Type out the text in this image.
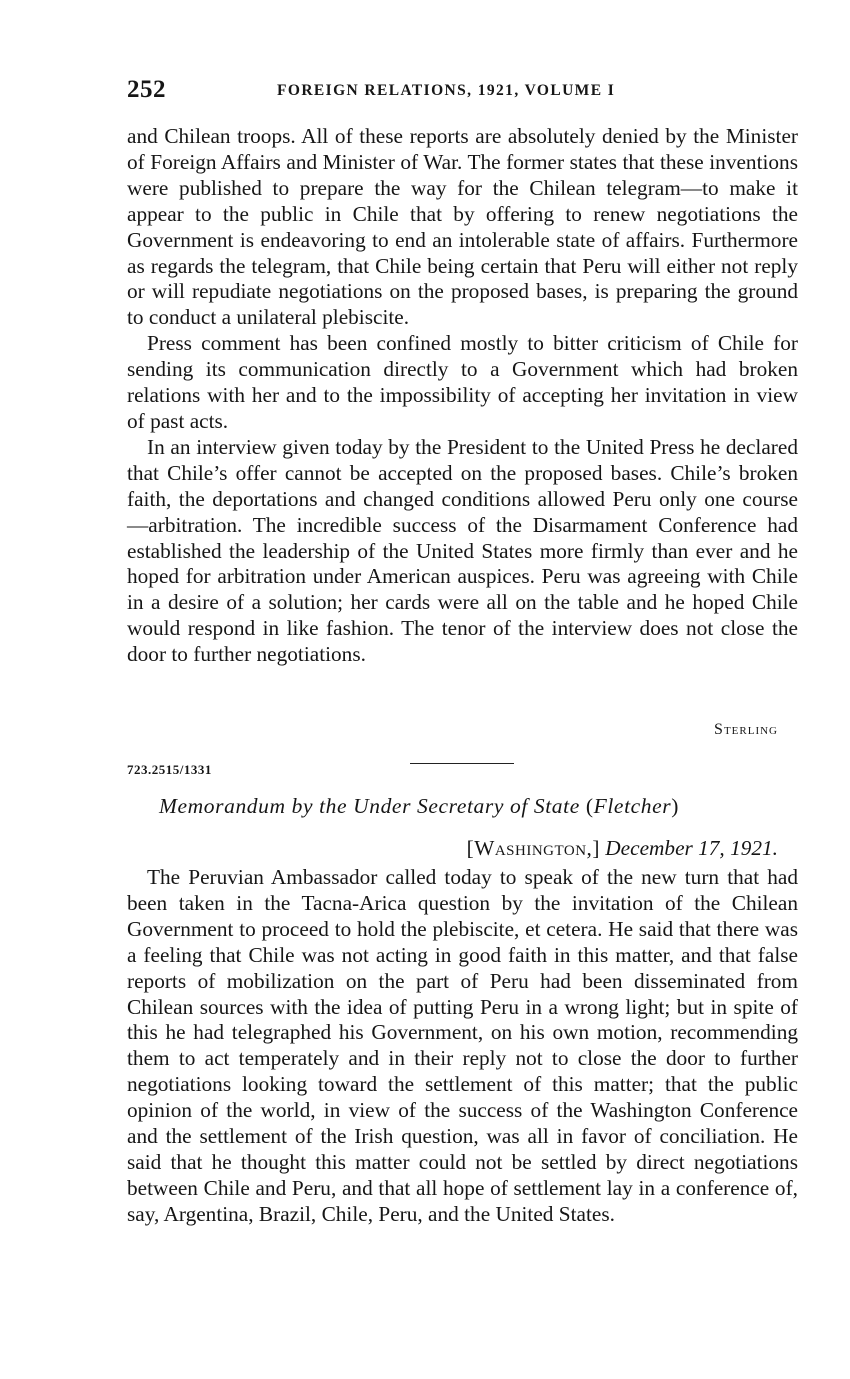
252	FOREIGN RELATIONS, 1921, VOLUME I

and Chilean troops. All of these reports are absolutely denied by the Minister of Foreign Affairs and Minister of War. The former states that these inventions were published to prepare the way for the Chilean telegram—to make it appear to the public in Chile that by offering to renew negotiations the Government is endeavoring to end an intolerable state of affairs. Furthermore as regards the telegram, that Chile being certain that Peru will either not reply or will repudiate negotiations on the proposed bases, is preparing the ground to conduct a unilateral plebiscite.

Press comment has been confined mostly to bitter criticism of Chile for sending its communication directly to a Government which had broken relations with her and to the impossibility of accepting her invitation in view of past acts.

In an interview given today by the President to the United Press he declared that Chile’s offer cannot be accepted on the proposed bases. Chile’s broken faith, the deportations and changed conditions allowed Peru only one course—arbitration. The incredible success of the Disarmament Conference had established the leadership of the United States more firmly than ever and he hoped for arbitration under American auspices. Peru was agreeing with Chile in a desire of a solution; her cards were all on the table and he hoped Chile would respond in like fashion. The tenor of the interview does not close the door to further negotiations.

Sterling
723.2515/1331
Memorandum by the Under Secretary of State (Fletcher)
[Washington,] December 17, 1921.

The Peruvian Ambassador called today to speak of the new turn that had been taken in the Tacna-Arica question by the invitation of the Chilean Government to proceed to hold the plebiscite, et cetera. He said that there was a feeling that Chile was not acting in good faith in this matter, and that false reports of mobilization on the part of Peru had been disseminated from Chilean sources with the idea of putting Peru in a wrong light; but in spite of this he had telegraphed his Government, on his own motion, recommending them to act temperately and in their reply not to close the door to further negotiations looking toward the settlement of this matter; that the public opinion of the world, in view of the success of the Washington Conference and the settlement of the Irish question, was all in favor of conciliation. He said that he thought this matter could not be settled by direct negotiations between Chile and Peru, and that all hope of settlement lay in a conference of, say, Argentina, Brazil, Chile, Peru, and the United States.
